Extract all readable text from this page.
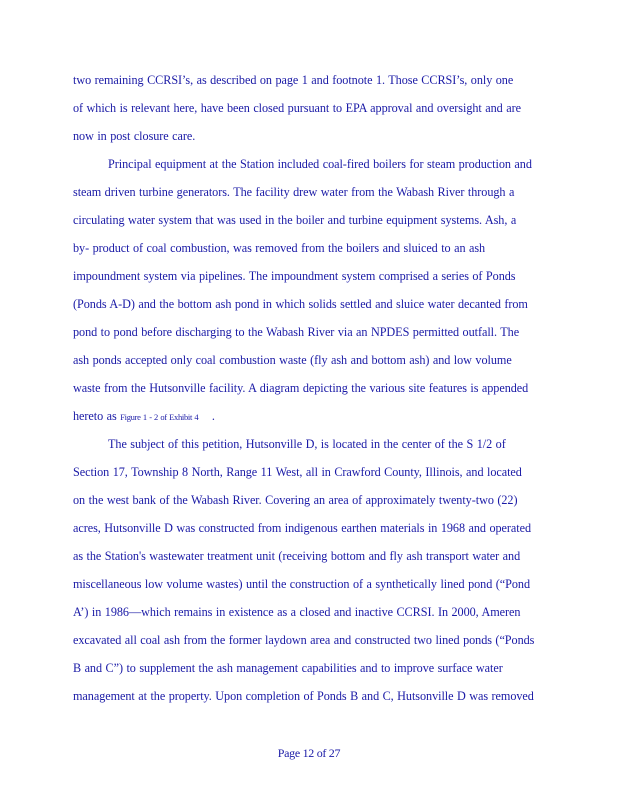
two remaining CCRSI’s, as described on page 1 and footnote 1. Those CCRSI’s, only one
of which is relevant here, have been closed pursuant to EPA approval and oversight and are
now in post closure care.
Principal equipment at the Station included coal-fired boilers for steam production and
steam driven turbine generators. The facility drew water from the Wabash River through a
circulating water system that was used in the boiler and turbine equipment systems. Ash, a
by- product of coal combustion, was removed from the boilers and sluiced to an ash
impoundment system via pipelines. The impoundment system comprised a series of Ponds
(Ponds A-D) and the bottom ash pond in which solids settled and sluice water decanted from
pond to pond before discharging to the Wabash River via an NPDES permitted outfall. The
ash ponds accepted only coal combustion waste (fly ash and bottom ash) and low volume
waste from the Hutsonville facility. A diagram depicting the various site features is appended
hereto as Figure 1 - 2 of Exhibit 4 .
The subject of this petition, Hutsonville D, is located in the center of the S 1/2 of
Section 17, Township 8 North, Range 11 West, all in Crawford County, Illinois, and located
on the west bank of the Wabash River. Covering an area of approximately twenty-two (22)
acres, Hutsonville D was constructed from indigenous earthen materials in 1968 and operated
as the Station's wastewater treatment unit (receiving bottom and fly ash transport water and
miscellaneous low volume wastes) until the construction of a synthetically lined pond (“Pond
A’) in 1986—which remains in existence as a closed and inactive CCRSI. In 2000, Ameren
excavated all coal ash from the former laydown area and constructed two lined ponds (“Ponds
B and C”) to supplement the ash management capabilities and to improve surface water
management at the property. Upon completion of Ponds B and C, Hutsonville D was removed
Page 12 of 27
